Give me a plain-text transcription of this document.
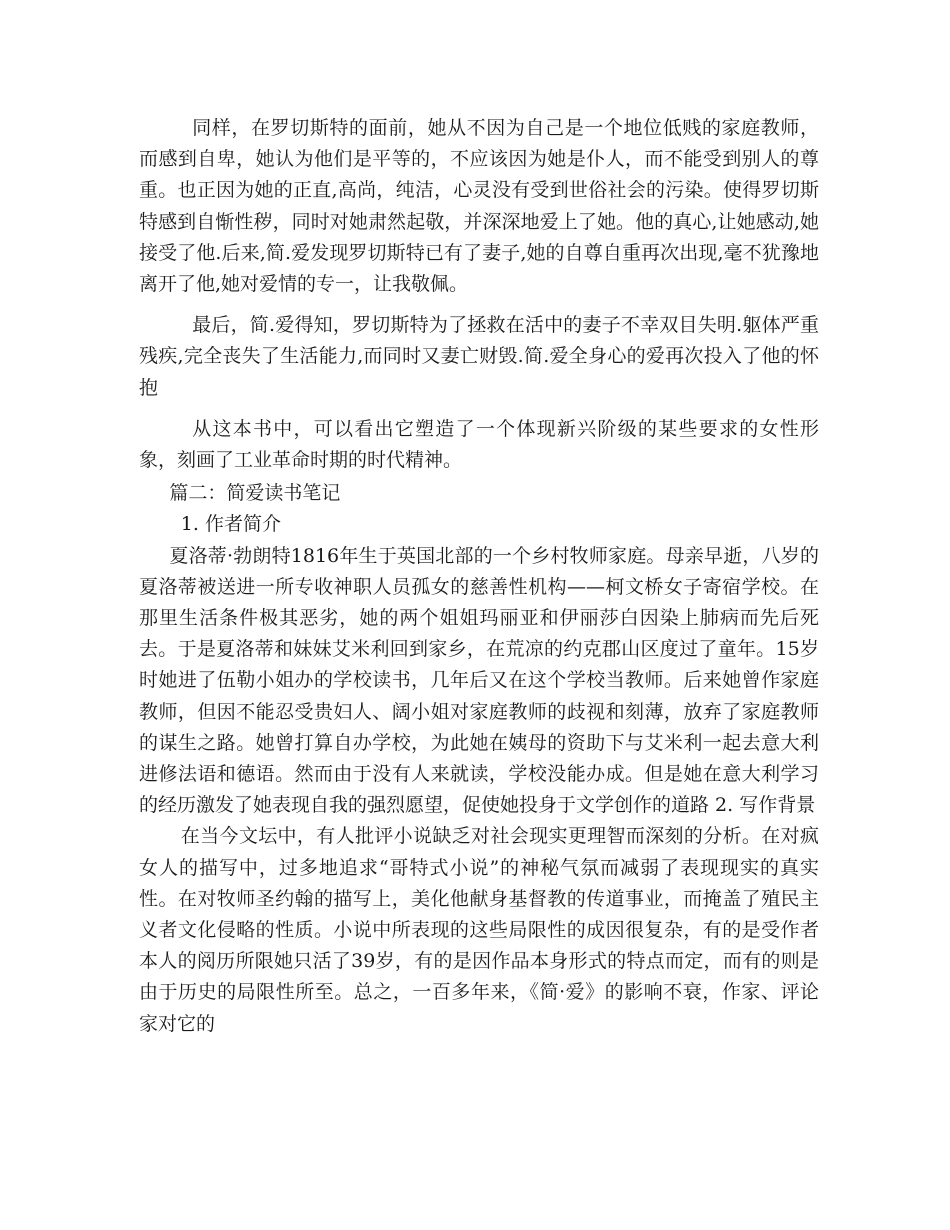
同样，在罗切斯特的面前，她从不因为自己是一个地位低贱的家庭教师，而感到自卑，她认为他们是平等的，不应该因为她是仆人，而不能受到别人的尊重。也正因为她的正直,高尚，纯洁，心灵没有受到世俗社会的污染。使得罗切斯特感到自惭性秽，同时对她肃然起敬，并深深地爱上了她。他的真心,让她感动,她接受了他.后来,简.爱发现罗切斯特已有了妻子,她的自尊自重再次出现,毫不犹豫地离开了他,她对爱情的专一，让我敬佩。

最后，简.爱得知，罗切斯特为了拯救在活中的妻子不幸双目失明.躯体严重残疾,完全丧失了生活能力,而同时又妻亡财毁.简.爱全身心的爱再次投入了他的怀抱

从这本书中，可以看出它塑造了一个体现新兴阶级的某些要求的女性形象，刻画了工业革命时期的时代精神。

篇二：简爱读书笔记

1. 作者简介

夏洛蒂·勃朗特1816年生于英国北部的一个乡村牧师家庭。母亲早逝，八岁的夏洛蒂被送进一所专收神职人员孤女的慈善性机构——柯文桥女子寄宿学校。在那里生活条件极其恶劣，她的两个姐姐玛丽亚和伊丽莎白因染上肺病而先后死去。于是夏洛蒂和妹妹艾米利回到家乡，在荒凉的约克郡山区度过了童年。15岁时她进了伍勒小姐办的学校读书，几年后又在这个学校当教师。后来她曾作家庭教师，但因不能忍受贵妇人、阔小姐对家庭教师的歧视和刻薄，放弃了家庭教师的谋生之路。她曾打算自办学校，为此她在姨母的资助下与艾米利一起去意大利进修法语和德语。然而由于没有人来就读，学校没能办成。但是她在意大利学习的经历激发了她表现自我的强烈愿望，促使她投身于文学创作的道路 2. 写作背景

在当今文坛中，有人批评小说缺乏对社会现实更理智而深刻的分析。在对疯女人的描写中，过多地追求“哥特式小说”的神秘气氛而减弱了表现现实的真实性。在对牧师圣约翰的描写上，美化他献身基督教的传道事业，而掩盖了殖民主义者文化侵略的性质。小说中所表现的这些局限性的成因很复杂，有的是受作者本人的阅历所限她只活了39岁，有的是因作品本身形式的特点而定，而有的则是由于历史的局限性所至。总之，一百多年来，《简·爱》的影响不衰，作家、评论家对它的
